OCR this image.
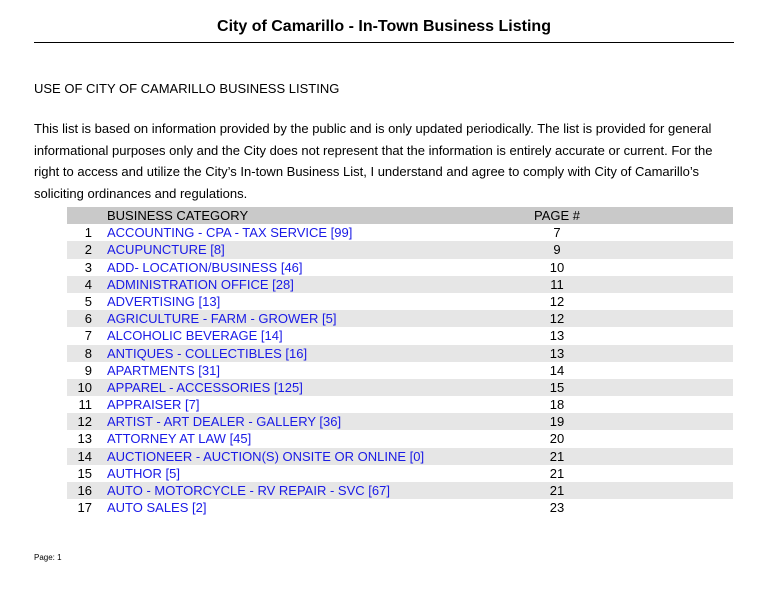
City of Camarillo - In-Town Business Listing
USE OF CITY OF CAMARILLO BUSINESS LISTING
This list is based on information provided by the public and is only updated periodically. The list is provided for general informational purposes only and the City does not represent that the information is entirely accurate or current. For the right to access and utilize the City’s In-town Business List, I understand and agree to comply with City of Camarillo’s soliciting ordinances and regulations.
BUSINESS CATEGORY	PAGE #
1 ACCOUNTING - CPA - TAX SERVICE [99]	7
2 ACUPUNCTURE [8]	9
3 ADD- LOCATION/BUSINESS [46]	10
4 ADMINISTRATION OFFICE [28]	11
5 ADVERTISING [13]	12
6 AGRICULTURE - FARM - GROWER [5]	12
7 ALCOHOLIC BEVERAGE [14]	13
8 ANTIQUES - COLLECTIBLES [16]	13
9 APARTMENTS [31]	14
10 APPAREL - ACCESSORIES [125]	15
11 APPRAISER [7]	18
12 ARTIST - ART DEALER - GALLERY [36]	19
13 ATTORNEY AT LAW [45]	20
14 AUCTIONEER - AUCTION(S) ONSITE OR ONLINE [0]	21
15 AUTHOR [5]	21
16 AUTO - MOTORCYCLE - RV REPAIR - SVC [67]	21
17 AUTO SALES [2]	23
Page: 1
